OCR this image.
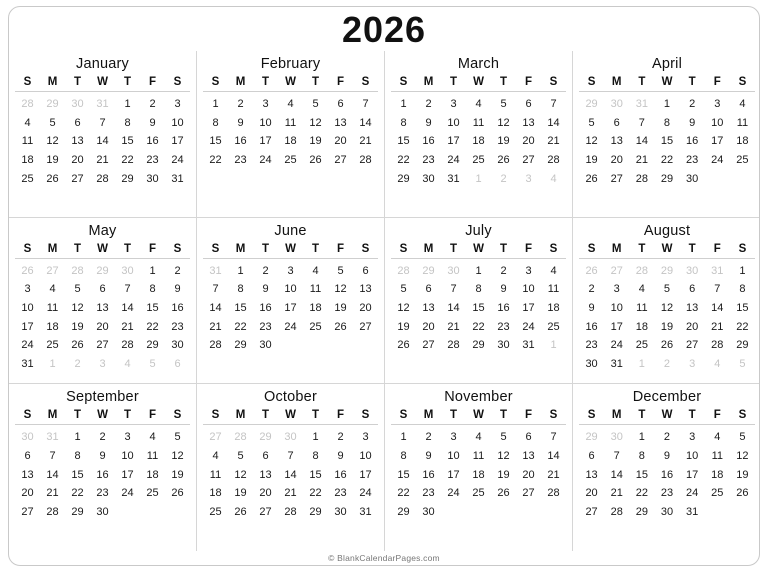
2026
January
S	M	T	W	T	F	S
28	29	30	31	1	2	3
4	5	6	7	8	9	10
11	12	13	14	15	16	17
18	19	20	21	22	23	24
25	26	27	28	29	30	31
February
S	M	T	W	T	F	S
1	2	3	4	5	6	7
8	9	10	11	12	13	14
15	16	17	18	19	20	21
22	23	24	25	26	27	28
March
S	M	T	W	T	F	S
1	2	3	4	5	6	7
8	9	10	11	12	13	14
15	16	17	18	19	20	21
22	23	24	25	26	27	28
29	30	31	1	2	3	4
April
S	M	T	W	T	F	S
29	30	31	1	2	3	4
5	6	7	8	9	10	11
12	13	14	15	16	17	18
19	20	21	22	23	24	25
26	27	28	29	30
May
S	M	T	W	T	F	S
26	27	28	29	30	1	2
3	4	5	6	7	8	9
10	11	12	13	14	15	16
17	18	19	20	21	22	23
24	25	26	27	28	29	30
31	1	2	3	4	5	6
June
S	M	T	W	T	F	S
31	1	2	3	4	5	6
7	8	9	10	11	12	13
14	15	16	17	18	19	20
21	22	23	24	25	26	27
28	29	30
July
S	M	T	W	T	F	S
28	29	30	1	2	3	4
5	6	7	8	9	10	11
12	13	14	15	16	17	18
19	20	21	22	23	24	25
26	27	28	29	30	31	1
August
S	M	T	W	T	F	S
26	27	28	29	30	31	1
2	3	4	5	6	7	8
9	10	11	12	13	14	15
16	17	18	19	20	21	22
23	24	25	26	27	28	29
30	31	1	2	3	4	5
September
S	M	T	W	T	F	S
30	31	1	2	3	4	5
6	7	8	9	10	11	12
13	14	15	16	17	18	19
20	21	22	23	24	25	26
27	28	29	30
October
S	M	T	W	T	F	S
27	28	29	30	1	2	3
4	5	6	7	8	9	10
11	12	13	14	15	16	17
18	19	20	21	22	23	24
25	26	27	28	29	30	31
November
S	M	T	W	T	F	S
1	2	3	4	5	6	7
8	9	10	11	12	13	14
15	16	17	18	19	20	21
22	23	24	25	26	27	28
29	30
December
S	M	T	W	T	F	S
29	30	1	2	3	4	5
6	7	8	9	10	11	12
13	14	15	16	17	18	19
20	21	22	23	24	25	26
27	28	29	30	31
© BlankCalendarPages.com
